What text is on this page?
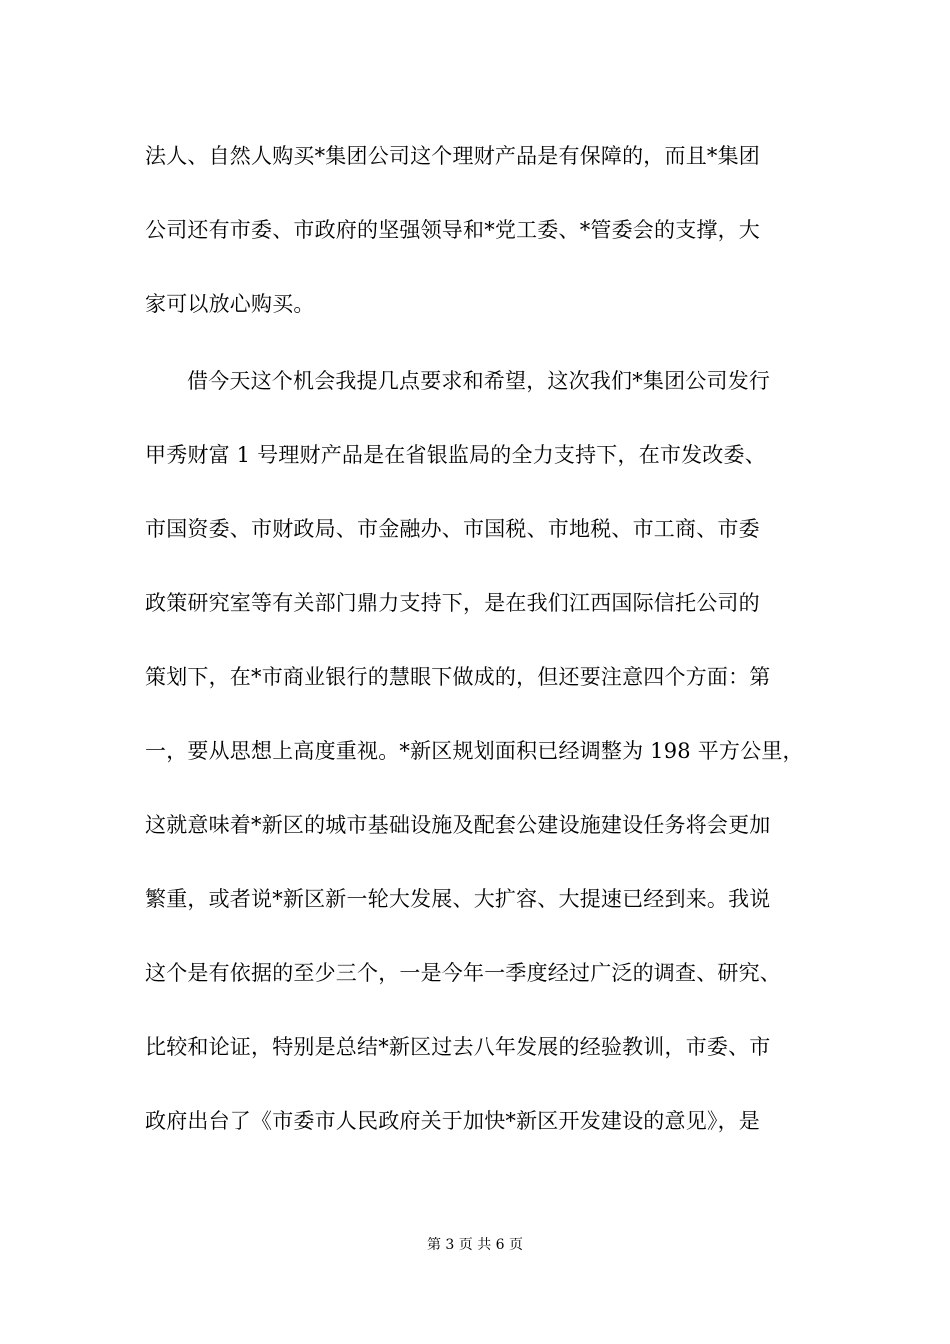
法人、自然人购买*集团公司这个理财产品是有保障的，而且*集团
公司还有市委、市政府的坚强领导和*党工委、*管委会的支撑，大
家可以放心购买。
借今天这个机会我提几点要求和希望，这次我们*集团公司发行
甲秀财富 1 号理财产品是在省银监局的全力支持下，在市发改委、
市国资委、市财政局、市金融办、市国税、市地税、市工商、市委
政策研究室等有关部门鼎力支持下，是在我们江西国际信托公司的
策划下，在*市商业银行的慧眼下做成的，但还要注意四个方面：第
一，要从思想上高度重视。*新区规划面积已经调整为 198 平方公里，
这就意味着*新区的城市基础设施及配套公建设施建设任务将会更加
繁重，或者说*新区新一轮大发展、大扩容、大提速已经到来。我说
这个是有依据的至少三个，一是今年一季度经过广泛的调查、研究、
比较和论证，特别是总结*新区过去八年发展的经验教训，市委、市
政府出台了《市委市人民政府关于加快*新区开发建设的意见》，是
第 3 页 共 6 页
